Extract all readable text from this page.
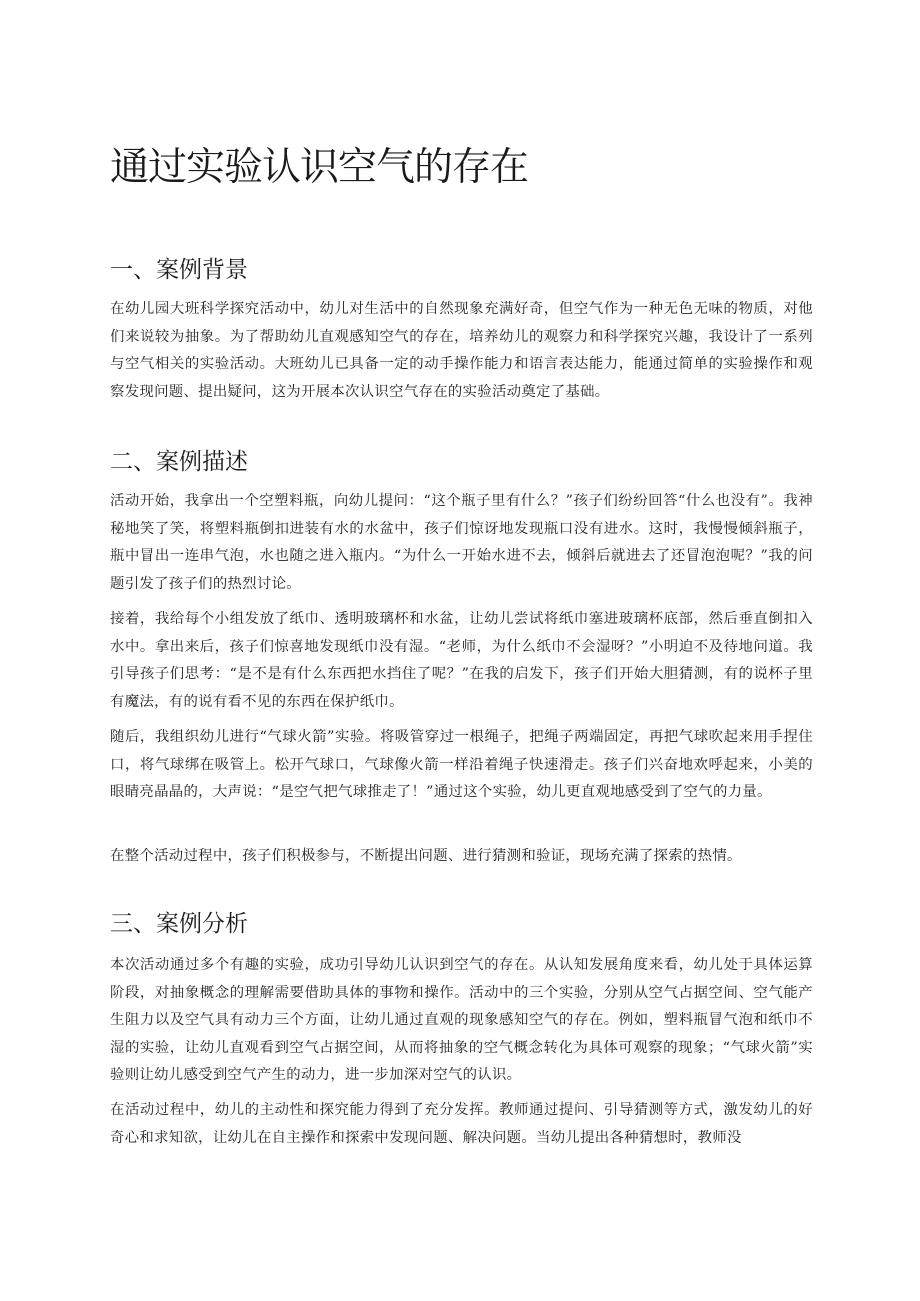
通过实验认识空气的存在
一、案例背景

在幼儿园大班科学探究活动中，幼儿对生活中的自然现象充满好奇，但空气作为一种无色无味的物质，对他们来说较为抽象。为了帮助幼儿直观感知空气的存在，培养幼儿的观察力和科学探究兴趣，我设计了一系列与空气相关的实验活动。大班幼儿已具备一定的动手操作能力和语言表达能力，能通过简单的实验操作和观察发现问题、提出疑问，这为开展本次认识空气存在的实验活动奠定了基础。

二、案例描述

活动开始，我拿出一个空塑料瓶，向幼儿提问：“这个瓶子里有什么？”孩子们纷纷回答“什么也没有”。我神秘地笑了笑，将塑料瓶倒扣进装有水的水盆中，孩子们惊讶地发现瓶口没有进水。这时，我慢慢倾斜瓶子，瓶中冒出一连串气泡，水也随之进入瓶内。“为什么一开始水进不去，倾斜后就进去了还冒泡泡呢？”我的问题引发了孩子们的热烈讨论。

接着，我给每个小组发放了纸巾、透明玻璃杯和水盆，让幼儿尝试将纸巾塞进玻璃杯底部，然后垂直倒扣入水中。拿出来后，孩子们惊喜地发现纸巾没有湿。“老师，为什么纸巾不会湿呀？”小明迫不及待地问道。我引导孩子们思考：“是不是有什么东西把水挡住了呢？”在我的启发下，孩子们开始大胆猜测，有的说杯子里有魔法，有的说有看不见的东西在保护纸巾。

随后，我组织幼儿进行“气球火箭”实验。将吸管穿过一根绳子，把绳子两端固定，再把气球吹起来用手捏住口，将气球绑在吸管上。松开气球口，气球像火箭一样沿着绳子快速滑走。孩子们兴奋地欢呼起来，小美的眼睛亮晶晶的，大声说：“是空气把气球推走了！”通过这个实验，幼儿更直观地感受到了空气的力量。

在整个活动过程中，孩子们积极参与，不断提出问题、进行猜测和验证，现场充满了探索的热情。

三、案例分析

本次活动通过多个有趣的实验，成功引导幼儿认识到空气的存在。从认知发展角度来看，幼儿处于具体运算阶段，对抽象概念的理解需要借助具体的事物和操作。活动中的三个实验，分别从空气占据空间、空气能产生阻力以及空气具有动力三个方面，让幼儿通过直观的现象感知空气的存在。例如，塑料瓶冒气泡和纸巾不湿的实验，让幼儿直观看到空气占据空间，从而将抽象的空气概念转化为具体可观察的现象；“气球火箭”实验则让幼儿感受到空气产生的动力，进一步加深对空气的认识。

在活动过程中，幼儿的主动性和探究能力得到了充分发挥。教师通过提问、引导猜测等方式，激发幼儿的好奇心和求知欲，让幼儿在自主操作和探索中发现问题、解决问题。当幼儿提出各种猜想时，教师没
